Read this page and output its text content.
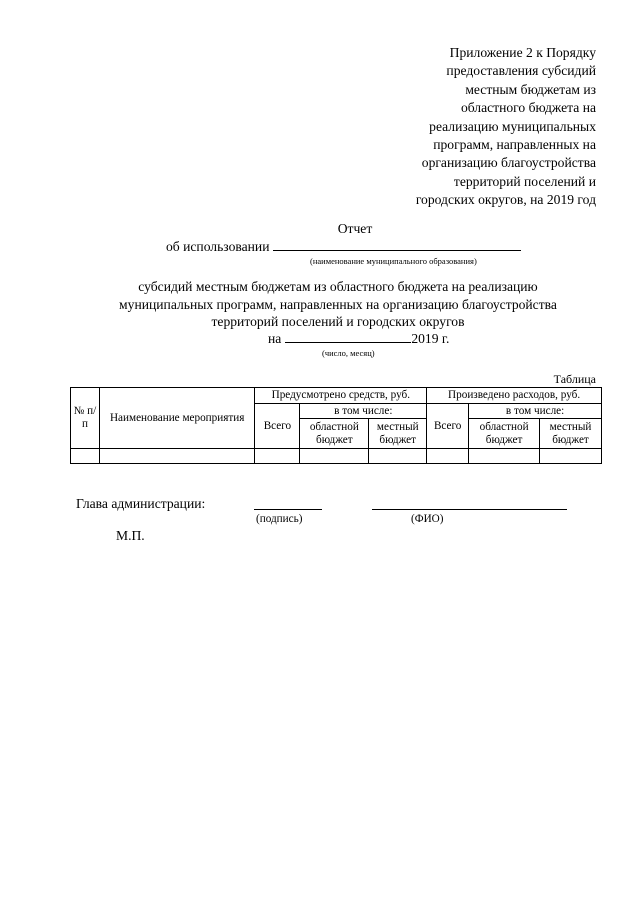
Приложение 2 к Порядку
предоставления субсидий
местным бюджетам из
областного бюджета на
реализацию муниципальных
программ, направленных на
организацию благоустройства
территорий поселений и
городских округов, на 2019 год
Отчет
об использовании
(наименование муниципального образования)
субсидий местным бюджетам из областного бюджета на реализацию
муниципальных программ, направленных на организацию благоустройства
территорий поселений и городских округов
на	2019 г.
(число, месяц)
Таблица
№ п/п	Наименование мероприятия	Предусмотрено средств, руб.			Произведено расходов, руб.		
		Всего	в том числе:		Всего	в том числе:	
			областной бюджет	местный бюджет		областной бюджет	местный бюджет

Глава администрации:
(подпись)	(ФИО)
М.П.
